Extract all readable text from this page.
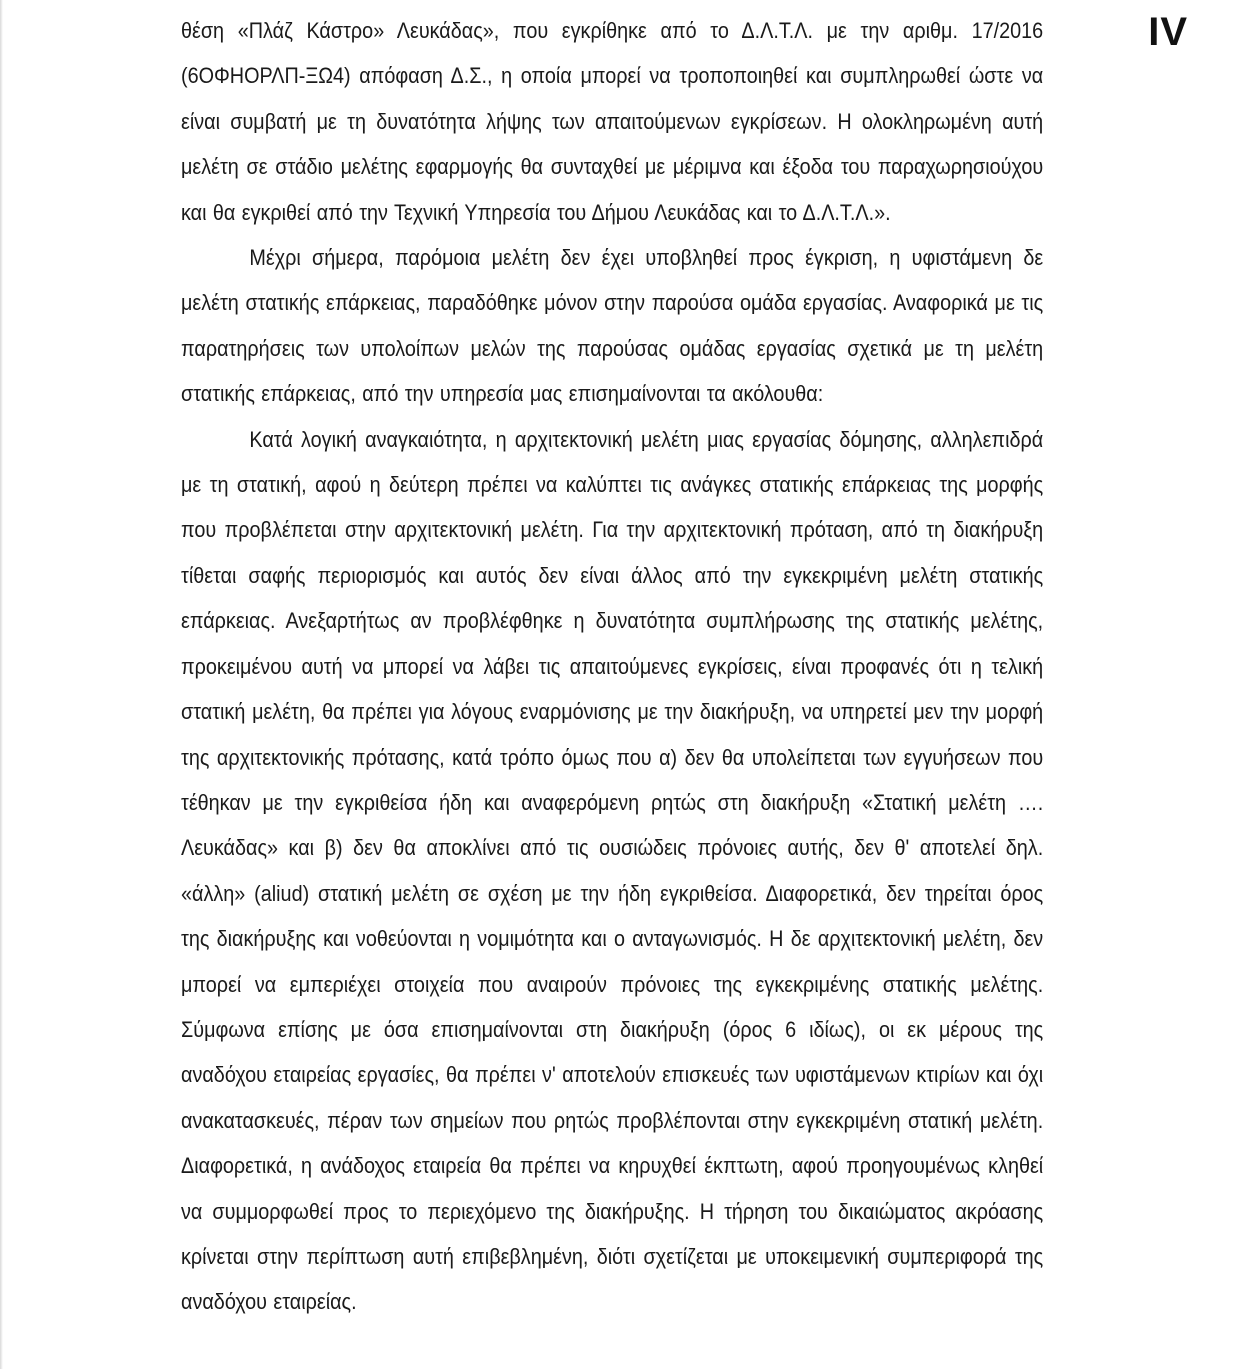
IV

θέση «Πλάζ Κάστρο» Λευκάδας», που εγκρίθηκε από το Δ.Λ.Τ.Λ. με την αριθμ. 17/2016 (6ΟΦΗΟΡΛΠ-ΞΩ4) απόφαση Δ.Σ., η οποία μπορεί να τροποποιηθεί και συμπληρωθεί ώστε να είναι συμβατή με τη δυνατότητα λήψης των απαιτούμενων εγκρίσεων. Η ολοκληρωμένη αυτή μελέτη σε στάδιο μελέτης εφαρμογής θα συνταχθεί με μέριμνα και έξοδα του παραχωρησιούχου και θα εγκριθεί από την Τεχνική Υπηρεσία του Δήμου Λευκάδας και το Δ.Λ.Τ.Λ.».

Μέχρι σήμερα, παρόμοια μελέτη δεν έχει υποβληθεί προς έγκριση, η υφιστάμενη δε μελέτη στατικής επάρκειας, παραδόθηκε μόνον στην παρούσα ομάδα εργασίας. Αναφορικά με τις παρατηρήσεις των υπολοίπων μελών της παρούσας ομάδας εργασίας σχετικά με τη μελέτη στατικής επάρκειας, από την υπηρεσία μας επισημαίνονται τα ακόλουθα:

Κατά λογική αναγκαιότητα, η αρχιτεκτονική μελέτη μιας εργασίας δόμησης, αλληλεπιδρά με τη στατική, αφού η δεύτερη πρέπει να καλύπτει τις ανάγκες στατικής επάρκειας της μορφής που προβλέπεται στην αρχιτεκτονική μελέτη. Για την αρχιτεκτονική πρόταση, από τη διακήρυξη τίθεται σαφής περιορισμός και αυτός δεν είναι άλλος από την εγκεκριμένη μελέτη στατικής επάρκειας. Ανεξαρτήτως αν προβλέφθηκε η δυνατότητα συμπλήρωσης της στατικής μελέτης, προκειμένου αυτή να μπορεί να λάβει τις απαιτούμενες εγκρίσεις, είναι προφανές ότι η τελική στατική μελέτη, θα πρέπει για λόγους εναρμόνισης με την διακήρυξη, να υπηρετεί μεν την μορφή της αρχιτεκτονικής πρότασης, κατά τρόπο όμως που α) δεν θα υπολείπεται των εγγυήσεων που τέθηκαν με την εγκριθείσα ήδη και αναφερόμενη ρητώς στη διακήρυξη «Στατική μελέτη …. Λευκάδας» και β) δεν θα αποκλίνει από τις ουσιώδεις πρόνοιες αυτής, δεν θ' αποτελεί δηλ. «άλλη» (aliud) στατική μελέτη σε σχέση με την ήδη εγκριθείσα. Διαφορετικά, δεν τηρείται όρος της διακήρυξης και νοθεύονται η νομιμότητα και ο ανταγωνισμός. Η δε αρχιτεκτονική μελέτη, δεν μπορεί να εμπεριέχει στοιχεία που αναιρούν πρόνοιες της εγκεκριμένης στατικής μελέτης. Σύμφωνα επίσης με όσα επισημαίνονται στη διακήρυξη (όρος 6 ιδίως), οι εκ μέρους της αναδόχου εταιρείας εργασίες, θα πρέπει ν' αποτελούν επισκευές των υφιστάμενων κτιρίων και όχι ανακατασκευές, πέραν των σημείων που ρητώς προβλέπονται στην εγκεκριμένη στατική μελέτη. Διαφορετικά, η ανάδοχος εταιρεία θα πρέπει να κηρυχθεί έκπτωτη, αφού προηγουμένως κληθεί να συμμορφωθεί προς το περιεχόμενο της διακήρυξης. Η τήρηση του δικαιώματος ακρόασης κρίνεται στην περίπτωση αυτή επιβεβλημένη, διότι σχετίζεται με υποκειμενική συμπεριφορά της αναδόχου εταιρείας.
